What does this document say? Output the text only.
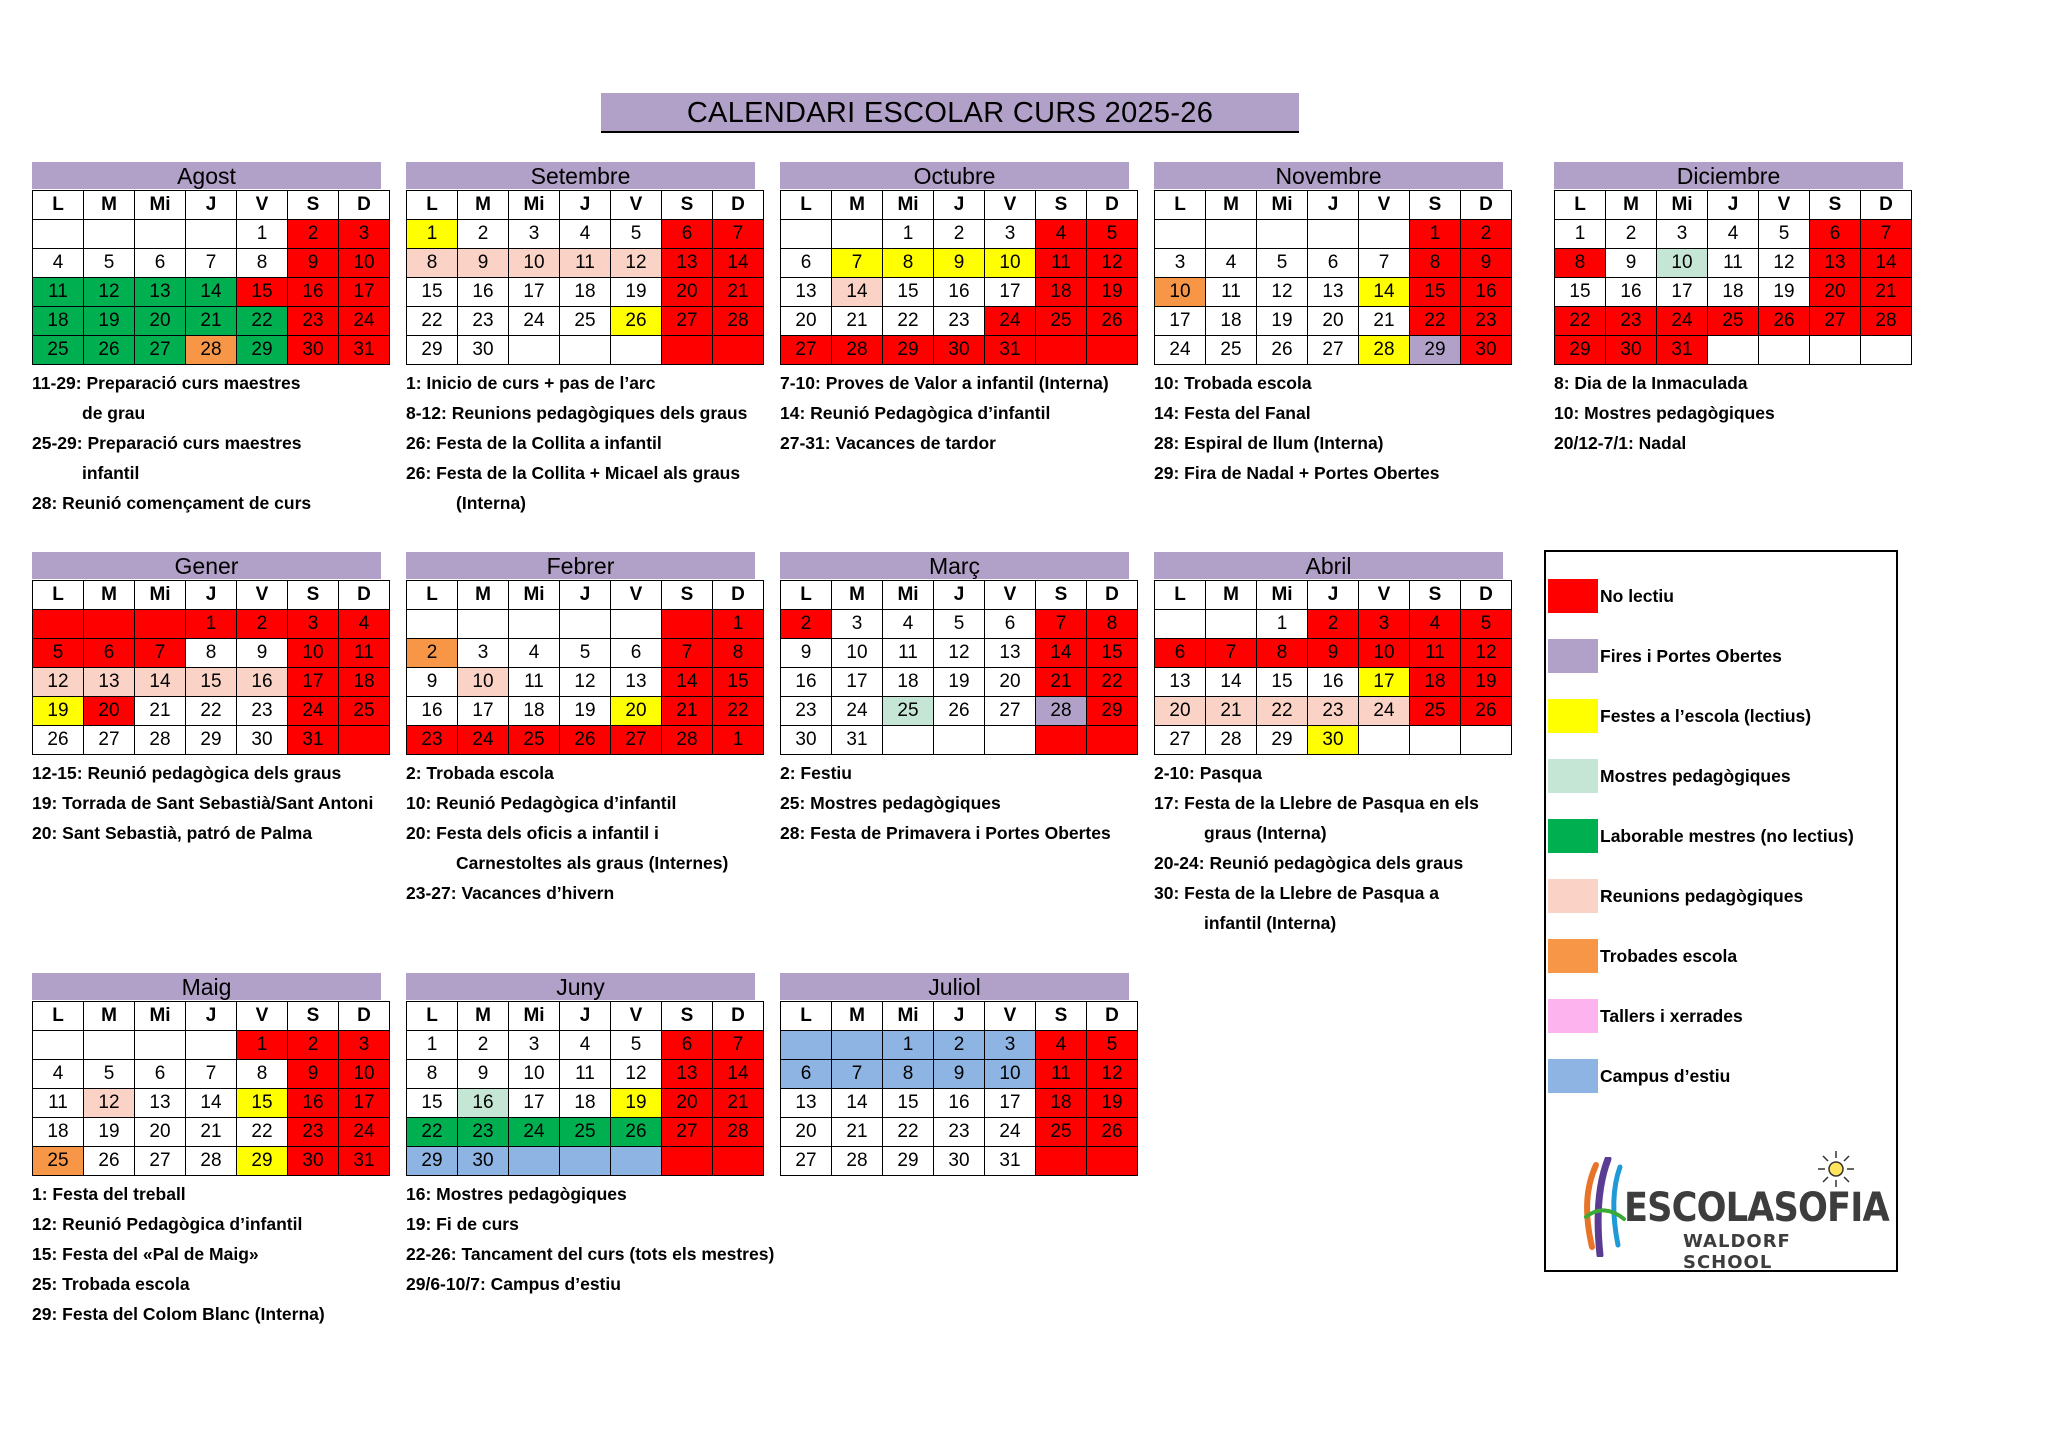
CALENDARI ESCOLAR CURS 2025-26
Agost
L	M	Mi	J	V	S	D
				1	2	3
4	5	6	7	8	9	10
11	12	13	14	15	16	17
18	19	20	21	22	23	24
25	26	27	28	29	30	31
11-29: Preparació curs maestres
de grau
25-29: Preparació curs maestres
infantil
28: Reunió començament de curs
Setembre
L	M	Mi	J	V	S	D
1	2	3	4	5	6	7
8	9	10	11	12	13	14
15	16	17	18	19	20	21
22	23	24	25	26	27	28
29	30					
1: Inicio de curs + pas de l’arc
8-12: Reunions pedagògiques dels graus
26: Festa de la Collita a infantil
26: Festa de la Collita + Micael als graus
(Interna)
Octubre
L	M	Mi	J	V	S	D
		1	2	3	4	5
6	7	8	9	10	11	12
13	14	15	16	17	18	19
20	21	22	23	24	25	26
27	28	29	30	31		
7-10: Proves de Valor a infantil (Interna)
14: Reunió Pedagògica d’infantil
27-31: Vacances de tardor
Novembre
L	M	Mi	J	V	S	D
					1	2
3	4	5	6	7	8	9
10	11	12	13	14	15	16
17	18	19	20	21	22	23
24	25	26	27	28	29	30
10: Trobada escola
14: Festa del Fanal
28: Espiral de llum (Interna)
29: Fira de Nadal + Portes Obertes
Diciembre
L	M	Mi	J	V	S	D
1	2	3	4	5	6	7
8	9	10	11	12	13	14
15	16	17	18	19	20	21
22	23	24	25	26	27	28
29	30	31				
8: Dia de la Inmaculada
10: Mostres pedagògiques
20/12-7/1: Nadal
Gener
L	M	Mi	J	V	S	D
			1	2	3	4
5	6	7	8	9	10	11
12	13	14	15	16	17	18
19	20	21	22	23	24	25
26	27	28	29	30	31	
12-15: Reunió pedagògica dels graus
19: Torrada de Sant Sebastià/Sant Antoni
20: Sant Sebastià, patró de Palma
Febrer
L	M	Mi	J	V	S	D
						1
2	3	4	5	6	7	8
9	10	11	12	13	14	15
16	17	18	19	20	21	22
23	24	25	26	27	28	1
2: Trobada escola
10: Reunió Pedagògica d’infantil
20: Festa dels oficis a infantil i
Carnestoltes als graus (Internes)
23-27: Vacances d’hivern
Març
L	M	Mi	J	V	S	D
2	3	4	5	6	7	8
9	10	11	12	13	14	15
16	17	18	19	20	21	22
23	24	25	26	27	28	29
30	31					
2: Festiu
25: Mostres pedagògiques
28: Festa de Primavera i Portes Obertes
Abril
L	M	Mi	J	V	S	D
		1	2	3	4	5
6	7	8	9	10	11	12
13	14	15	16	17	18	19
20	21	22	23	24	25	26
27	28	29	30			
2-10: Pasqua
17: Festa de la Llebre de Pasqua en els
graus (Interna)
20-24: Reunió pedagògica dels graus
30: Festa de la Llebre de Pasqua a
infantil (Interna)
Maig
L	M	Mi	J	V	S	D
				1	2	3
4	5	6	7	8	9	10
11	12	13	14	15	16	17
18	19	20	21	22	23	24
25	26	27	28	29	30	31
1: Festa del treball
12: Reunió Pedagògica d’infantil
15: Festa del «Pal de Maig»
25: Trobada escola
29: Festa del Colom Blanc (Interna)
Juny
L	M	Mi	J	V	S	D
1	2	3	4	5	6	7
8	9	10	11	12	13	14
15	16	17	18	19	20	21
22	23	24	25	26	27	28
29	30					
16: Mostres pedagògiques
19: Fi de curs
22-26: Tancament del curs (tots els mestres)
29/6-10/7: Campus d’estiu
Juliol
L	M	Mi	J	V	S	D
		1	2	3	4	5
6	7	8	9	10	11	12
13	14	15	16	17	18	19
20	21	22	23	24	25	26
27	28	29	30	31		
No lectiu
Fires i Portes Obertes
Festes a l’escola (lectius)
Mostres pedagògiques
Laborable mestres (no lectius)
Reunions pedagògiques
Trobades escola
Tallers i xerrades
Campus d’estiu
ESCOLASOFIA
WALDORF SCHOOL
